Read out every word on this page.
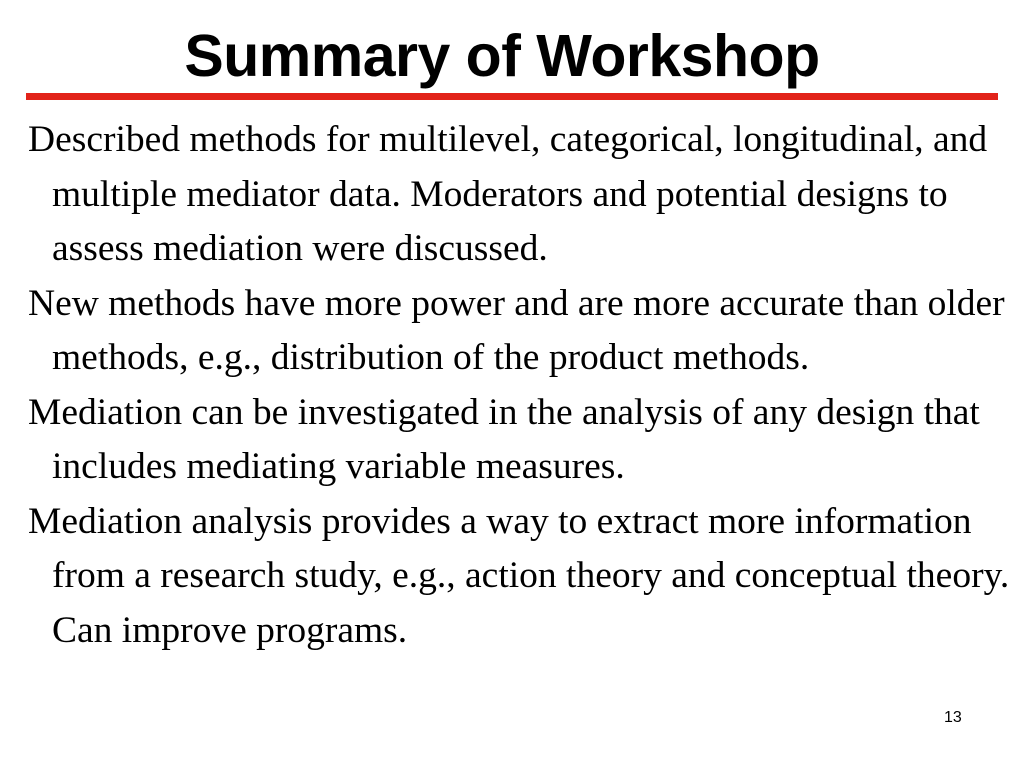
Summary of Workshop
Described methods for multilevel, categorical, longitudinal, and multiple mediator data. Moderators and potential designs to assess mediation were discussed.
New methods have more power and are more accurate than older methods, e.g., distribution of the product methods.
Mediation can be investigated in the analysis of any design that includes mediating variable measures.
Mediation analysis provides a way to extract more information from a research study, e.g., action theory and conceptual theory. Can improve programs.
13
